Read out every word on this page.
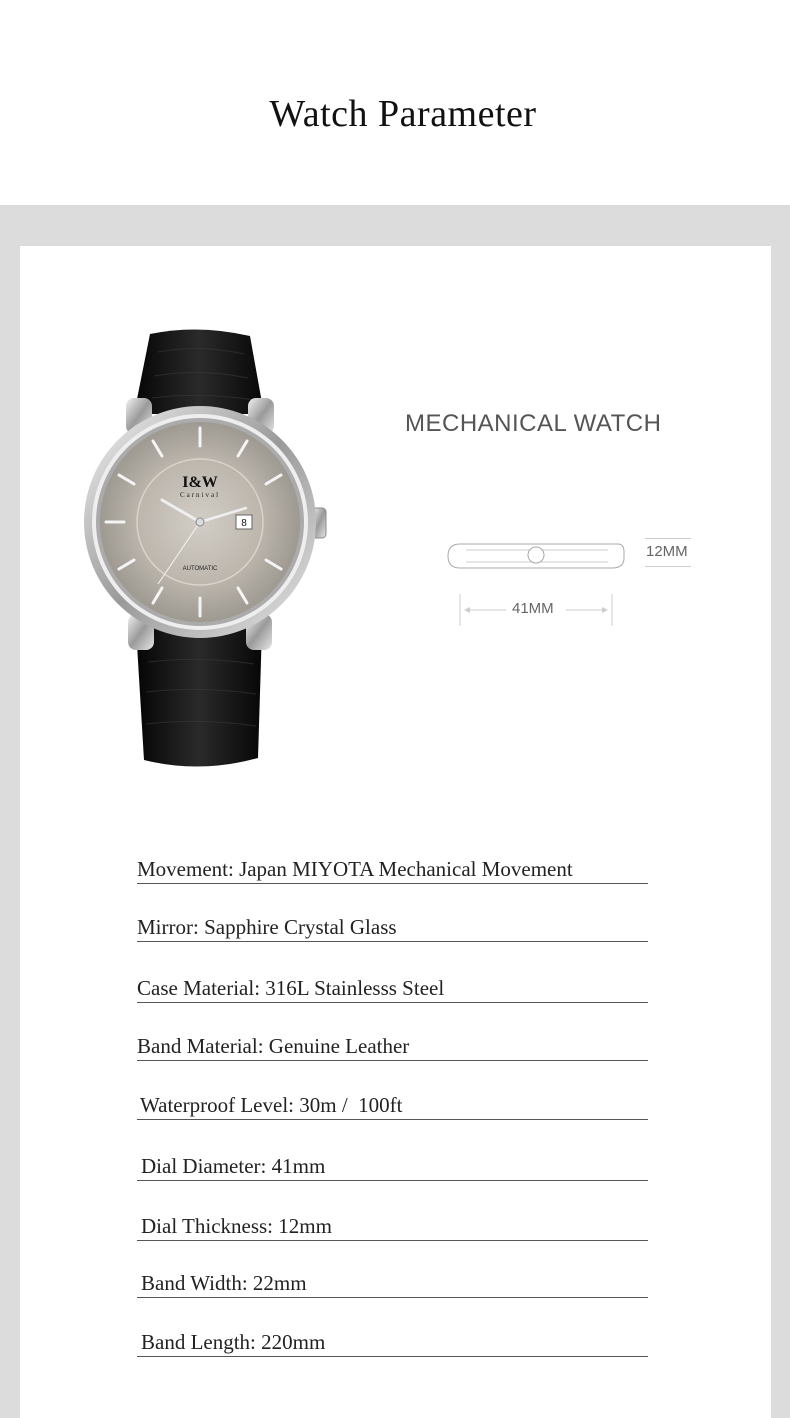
Watch Parameter
8
I&W
Carnival
AUTOMATIC
MECHANICAL WATCH
12MM
41MM
Movement: Japan MIYOTA Mechanical Movement
Mirror: Sapphire Crystal Glass
Case Material: 316L Stainlesss Steel
Band Material: Genuine Leather
Waterproof Level: 30m /  100ft
Dial Diameter: 41mm
Dial Thickness: 12mm
Band Width: 22mm
Band Length: 220mm
